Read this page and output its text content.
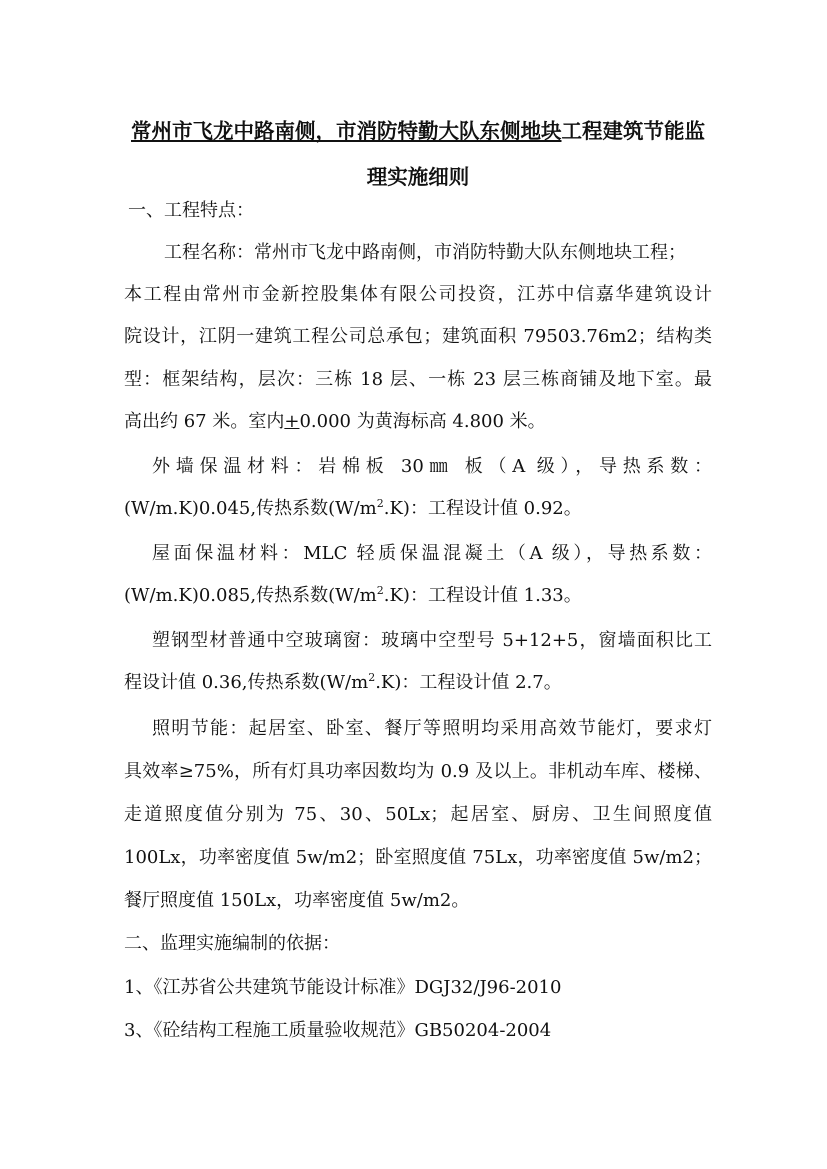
常州市飞龙中路南侧，市消防特勤大队东侧地块工程建筑节能监
理实施细则
一、工程特点：
工程名称：常州市飞龙中路南侧，市消防特勤大队东侧地块工程；
本工程由常州市金新控股集体有限公司投资，江苏中信嘉华建筑设计
院设计，江阴一建筑工程公司总承包；建筑面积 79503.76m2；结构类
型：框架结构，层次：三栋 18 层、一栋 23 层三栋商铺及地下室。最
高出约 67 米。室内+0.000 为黄海标高 4.800 米。
外墙保温材料：岩棉板 30㎜ 板（A 级），导热系数：
(W/m.K)0.045,传热系数$(W/m^2.K)$：工程设计值 0.92。
屋面保温材料：MLC 轻质保温混凝土（A 级），导热系数：
(W/m.K)0.085,传热系数$(W/m^2.K)$：工程设计值 1.33。
塑钢型材普通中空玻璃窗：玻璃中空型号 5+12+5，窗墙面积比工
程设计值 0.36,传热系数$(W/m^2.K)$：工程设计值 2.7。
照明节能：起居室、卧室、餐厅等照明均采用高效节能灯，要求灯
具效率≥75%，所有灯具功率因数均为 0.9 及以上。非机动车库、楼梯、
走道照度值分别为 75、30、50Lx；起居室、厨房、卫生间照度值
100Lx，功率密度值 5w/m2；卧室照度值 75Lx，功率密度值 5w/m2；
餐厅照度值 150Lx，功率密度值 5w/m2。
二、监理实施编制的依据：
1、《江苏省公共建筑节能设计标准》DGJ32/J96-2010
3、《砼结构工程施工质量验收规范》GB50204-2004
